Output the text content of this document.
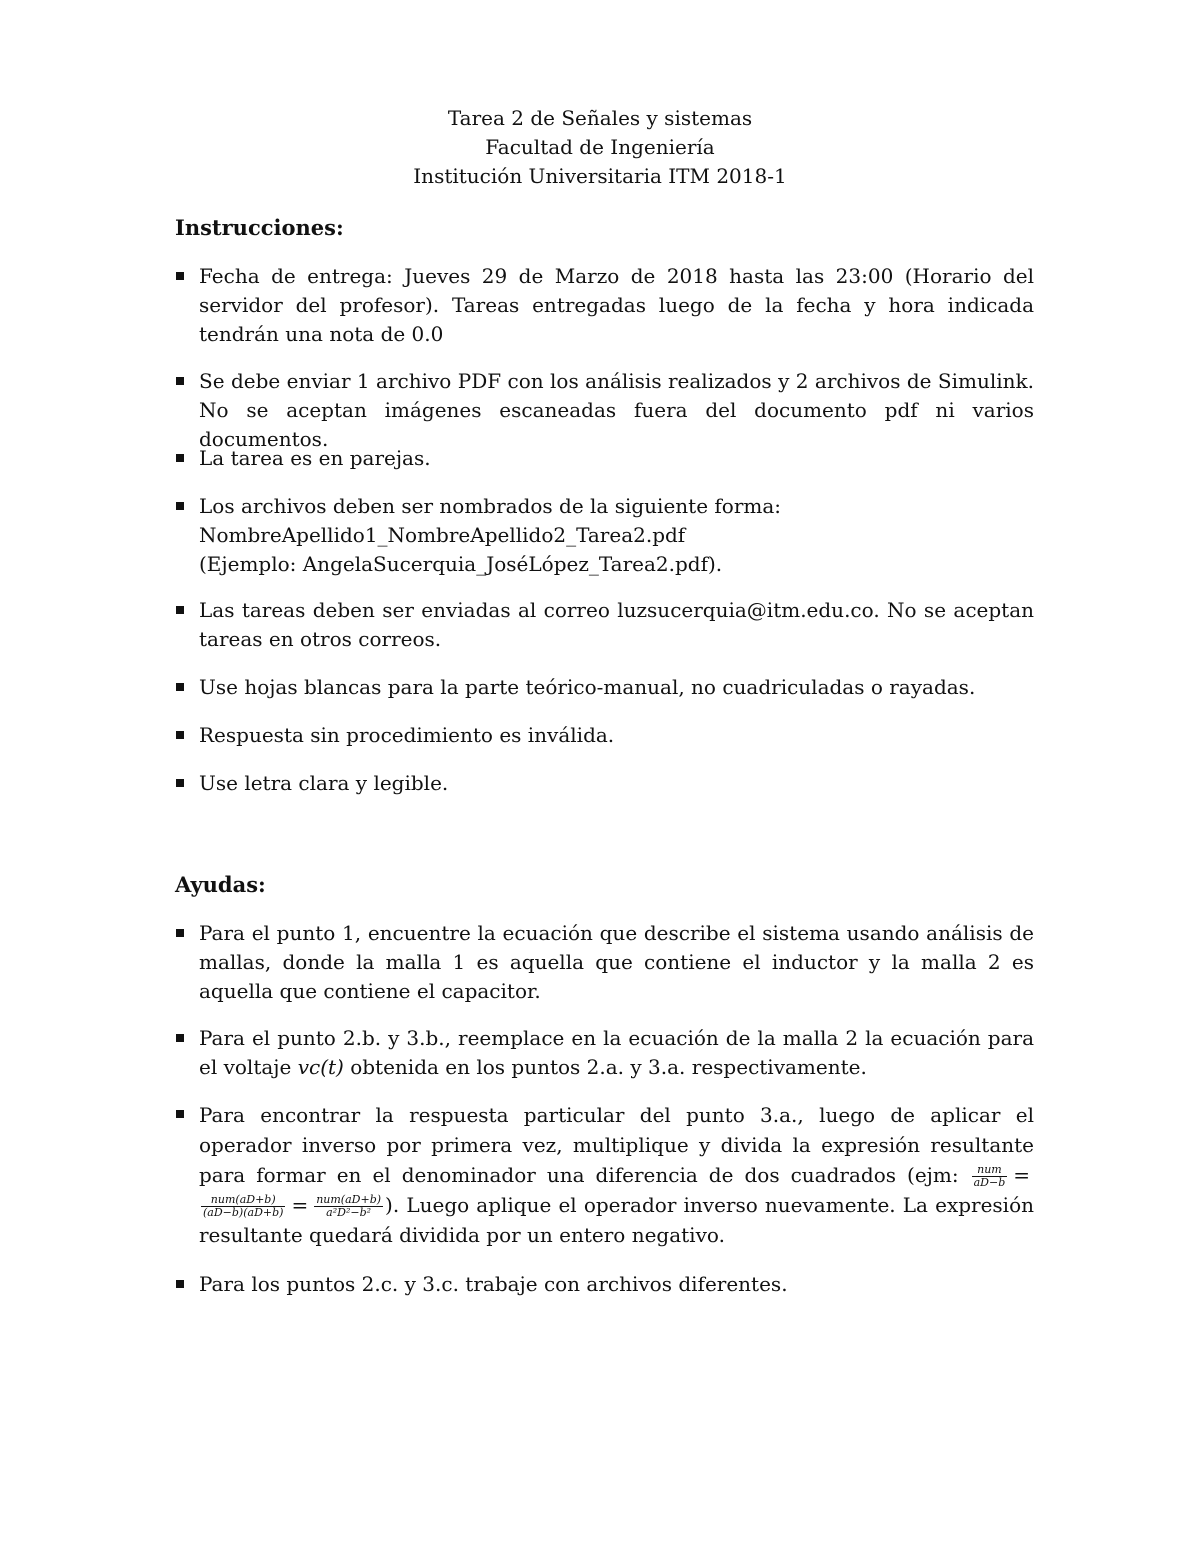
Tarea 2 de Señales y sistemas
Facultad de Ingeniería
Institución Universitaria ITM 2018-1
Instrucciones:
Fecha de entrega: Jueves 29 de Marzo de 2018 hasta las 23:00 (Horario del servidor del profesor). Tareas entregadas luego de la fecha y hora indicada tendrán una nota de 0.0
Se debe enviar 1 archivo PDF con los análisis realizados y 2 archivos de Simulink. No se aceptan imágenes escaneadas fuera del documento pdf ni varios documentos.
La tarea es en parejas.
Los archivos deben ser nombrados de la siguiente forma:
NombreApellido1_NombreApellido2_Tarea2.pdf
(Ejemplo: AngelaSucerquia_JoséLópez_Tarea2.pdf).
Las tareas deben ser enviadas al correo luzsucerquia@itm.edu.co. No se aceptan tareas en otros correos.
Use hojas blancas para la parte teórico-manual, no cuadriculadas o rayadas.
Respuesta sin procedimiento es inválida.
Use letra clara y legible.
Ayudas:
Para el punto 1, encuentre la ecuación que describe el sistema usando análisis de mallas, donde la malla 1 es aquella que contiene el inductor y la malla 2 es aquella que contiene el capacitor.
Para el punto 2.b. y 3.b., reemplace en la ecuación de la malla 2 la ecuación para el voltaje vc(t) obtenida en los puntos 2.a. y 3.a. respectivamente.
Para encontrar la respuesta particular del punto 3.a., luego de aplicar el operador inverso por primera vez, multiplique y divida la expresión resultante para formar en el denominador una diferencia de dos cuadrados (ejm: $\frac{\text{num}}{aD-b}$ =
$\frac{\text{num(aD+b)}}{(aD-b)(aD+b)} = \frac{\text{num(aD+b)}}{\text{a²D²−b²}}$ ). Luego aplique el operador inverso nuevamente. La expresión resultante quedará dividida por un entero negativo.
Para los puntos 2.c. y 3.c. trabaje con archivos diferentes.
